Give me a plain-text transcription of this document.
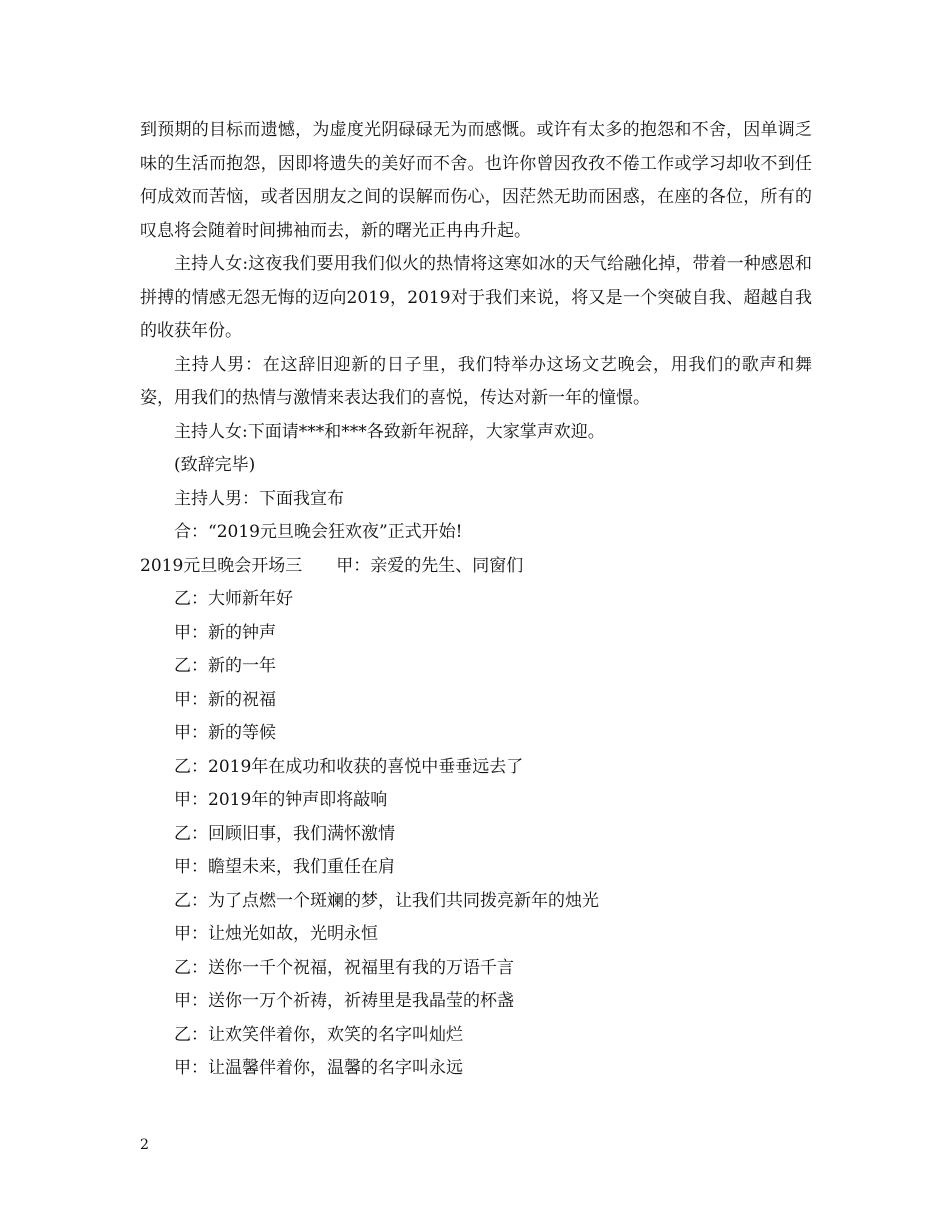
到预期的目标而遗憾，为虚度光阴碌碌无为而感慨。或许有太多的抱怨和不舍，因单调乏味的生活而抱怨，因即将遗失的美好而不舍。也许你曾因孜孜不倦工作或学习却收不到任何成效而苦恼，或者因朋友之间的误解而伤心，因茫然无助而困惑，在座的各位，所有的叹息将会随着时间拂袖而去，新的曙光正冉冉升起。

主持人女:这夜我们要用我们似火的热情将这寒如冰的天气给融化掉，带着一种感恩和拼搏的情感无怨无悔的迈向2019，2019对于我们来说，将又是一个突破自我、超越自我的收获年份。

主持人男：在这辞旧迎新的日子里，我们特举办这场文艺晚会，用我们的歌声和舞姿，用我们的热情与激情来表达我们的喜悦，传达对新一年的憧憬。

主持人女:下面请***和***各致新年祝辞，大家掌声欢迎。

(致辞完毕)

主持人男：下面我宣布

合：“2019元旦晚会狂欢夜”正式开始!

2019元旦晚会开场三 甲：亲爱的先生、同窗们

乙：大师新年好

甲：新的钟声

乙：新的一年

甲：新的祝福

甲：新的等候

乙：2019年在成功和收获的喜悦中垂垂远去了

甲：2019年的钟声即将敲响

乙：回顾旧事，我们满怀激情

甲：瞻望未来，我们重任在肩

乙：为了点燃一个斑斓的梦，让我们共同拨亮新年的烛光

甲：让烛光如故，光明永恒

乙：送你一千个祝福，祝福里有我的万语千言

甲：送你一万个祈祷，祈祷里是我晶莹的杯盏

乙：让欢笑伴着你，欢笑的名字叫灿烂

甲：让温馨伴着你，温馨的名字叫永远

2
